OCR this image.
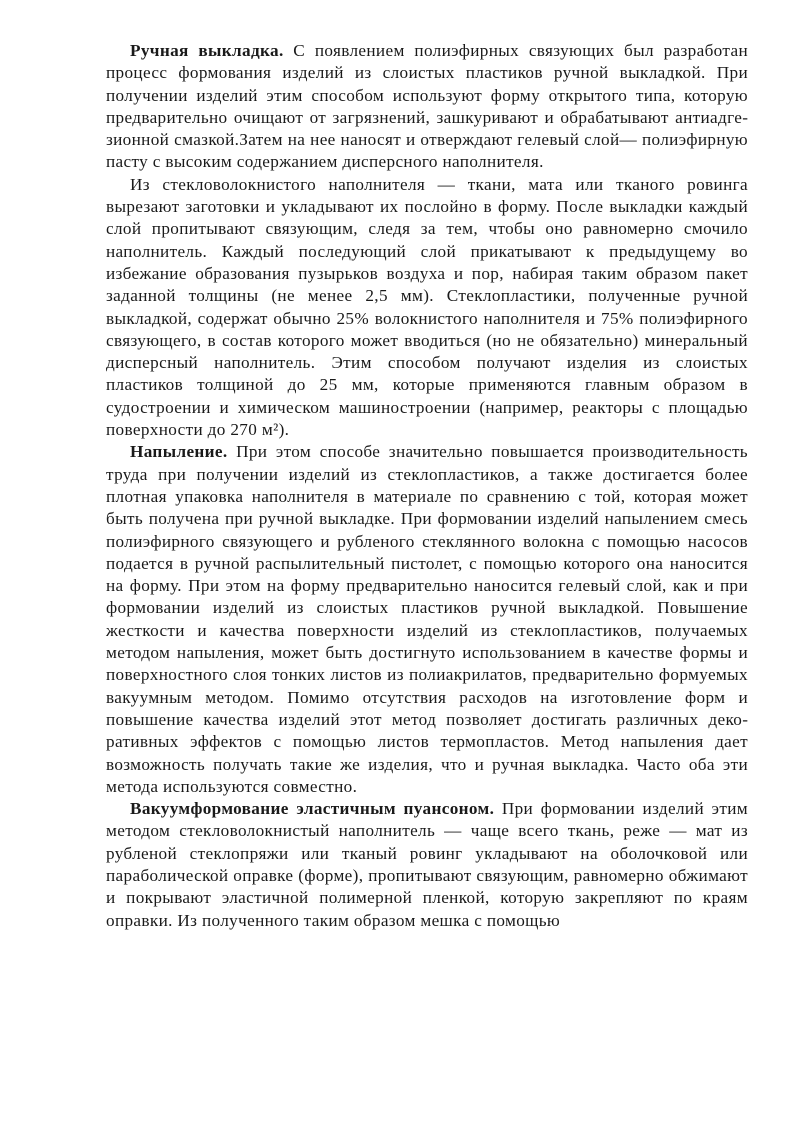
Ручная выкладка. С появлением полиэфирных связующих был разработан процесс формования изделий из слоистых пластиков ручной выкладкой. При получении изделий этим способом используют форму открытого типа, которую предварительно очищают от загрязнений, зашкуривают и обрабатывают антиадгезионной смазкой.Затем на нее наносят и отверждают гелевый слой— полиэфирную пасту с высоким содержанием дисперсного наполнителя.

Из стекловолокнистого наполнителя — ткани, мата или тканого ровинга вырезают заготовки и укладывают их послойно в форму. После выкладки каждый слой пропитывают связующим, следя за тем, чтобы оно равномерно смочило наполнитель. Каждый последующий слой прикатывают к предыдущему во избежание образования пузырьков воздуха и пор, набирая таким образом пакет заданной толщины (не менее 2,5 мм). Стеклопластики, полученные ручной выкладкой, содержат обычно 25% волокнистого наполнителя и 75% полиэфирного связующего, в состав которого может вводиться (но не обязательно) минеральный дисперсный наполнитель. Этим способом получают изделия из слоистых пластиков толщиной до 25 мм, которые применяются главным образом в судостроении и химическом машиностроении (например, реакторы с площадью поверхности до 270 м²).

Напыление. При этом способе значительно повышается производительность труда при получении изделий из стеклопластиков, а также достигается более плотная упаковка наполнителя в материале по сравнению с той, которая может быть получена при ручной выкладке. При формовании изделий напылением смесь полиэфирного связующего и рубленого стеклянного волокна с помощью насосов подается в ручной распылительный пистолет, с помощью которого она наносится на форму. При этом на форму предварительно наносится гелевый слой, как и при формовании изделий из слоистых пластиков ручной выкладкой. Повышение жесткости и качества поверхности изделий из стеклопластиков, получаемых методом напыления, может быть достигнуто использованием в качестве формы и поверхностного слоя тонких листов из полиакрилатов, предварительно формуемых вакуумным методом. Помимо отсутствия расходов на изготовление форм и повышение качества изделий этот метод позволяет достигать различных декоративных эффектов с помощью листов термопластов. Метод напыления дает возможность получать такие же изделия, что и ручная выкладка. Часто оба эти метода используются совместно.

Вакуумформование эластичным пуансоном. При формовании изделий этим методом стекловолокнистый наполнитель — чаще всего ткань, реже — мат из рубленой стеклопряжи или тканый ровинг укладывают на оболочковой или параболической оправке (форме), пропитывают связующим, равномерно обжимают и покрывают эластичной полимерной пленкой, которую закрепляют по краям оправки. Из полученного таким образом мешка с помощью
